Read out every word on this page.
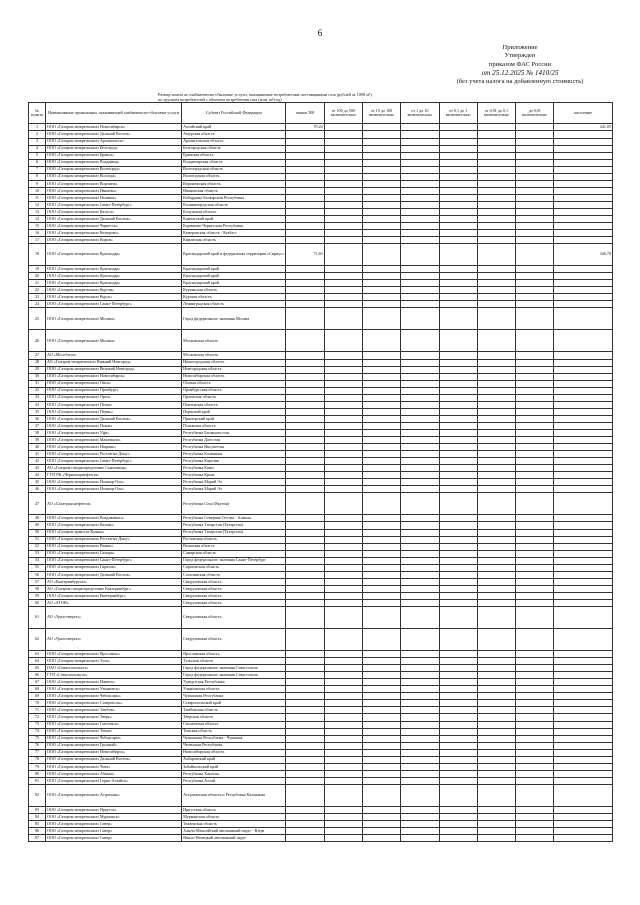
6
Приложение
Утвержден
приказом ФАС России
от 25.12.2025 № 1410/25
(без учета налога на добавленную стоимость)
Размер платы за снабженческо-сбытовые услуги, оказываемые потребителям поставщиками газа (рублей за 1000 м³)
по группам потребителей с объемом потребления газа (млн. м³/год)
№ пункта	Наименование организации, оказывающей снабженческо-сбытовые услуги	Субъект Российской Федерации	свыше 500	от 100 до 500 включительно	от 10 до 100 включительно	от 1 до 10 включительно	от 0,1 до 1 включительно	от 0,01 до 0,1 включительно	до 0,01 включительно	население
1	ООО «Газпром межрегионгаз Новосибирск»	Алтайский край	70,24							441,05
2	ООО «Газпром межрегионгаз Дальний Восток»	Амурская область								
3	ООО «Газпром межрегионгаз Архангельск»	Архангельская область								
4	ООО «Газпром межрегионгаз Белгород»	Белгородская область								
5	ООО «Газпром межрегионгаз Брянск»	Брянская область								
6	ООО «Газпром межрегионгаз Владимир»	Владимирская область								
7	ООО «Газпром межрегионгаз Волгоград»	Волгоградская область								
8	ООО «Газпром межрегионгаз Вологда»	Вологодская область								
9	ООО «Газпром межрегионгаз Воронеж»	Воронежская область								
10	ООО «Газпром межрегионгаз Иваново»	Ивановская область								
11	ООО «Газпром межрегионгаз Нальчик»	Кабардино-Балкарская Республика								
12	ООО «Газпром межрегионгаз Санкт-Петербург»	Калининградская область								
13	ООО «Газпром межрегионгаз Калуга»	Калужская область								
14	ООО «Газпром межрегионгаз Дальний Восток»	Камчатский край								
15	ООО «Газпром межрегионгаз Черкесск»	Карачаево-Черкесская Республика								
16	ООО «Газпром межрегионгаз Кемерово»	Кемеровская область - Кузбасс								
17	ООО «Газпром межрегионгаз Киров»	Кировская область								
18	ООО «Газпром межрегионгаз Краснодар»	Краснодарский край и федеральная территория «Сириус»	71,65							346,70
19	ООО «Газпром межрегионгаз Краснодар»	Краснодарский край								
20	ООО «Газпром межрегионгаз Краснодар»	Краснодарский край								
21	ООО «Газпром межрегионгаз Краснодар»	Краснодарский край								
22	ООО «Газпром межрегионгаз Курган»	Курганская область								
23	ООО «Газпром межрегионгаз Курск»	Курская область								
24	ООО «Газпром межрегионгаз Санкт-Петербург»	Ленинградская область								
25	ООО «Газпром межрегионгаз Москва»	Город федерального значения Москва								
26	ООО «Газпром межрегионгаз Москва»	Московская область								
27	АО «Мособлгаз»	Московская область								
28	АО «Газпром межрегионгаз Нижний Новгород»	Нижегородская область								
29	ООО «Газпром межрегионгаз Великий Новгород»	Новгородская область								
30	ООО «Газпром межрегионгаз Новосибирск»	Новосибирская область								
31	ООО «Газпром межрегионгаз Омск»	Омская область								
32	ООО «Газпром межрегионгаз Оренбург»	Оренбургская область								
33	ООО «Газпром межрегионгаз Орел»	Орловская область								
34	ООО «Газпром межрегионгаз Пенза»	Пензенская область								
35	ООО «Газпром межрегионгаз Пермь»	Пермский край								
36	ООО «Газпром межрегионгаз Дальний Восток»	Приморский край								
37	ООО «Газпром межрегионгаз Псков»	Псковская область								
38	ООО «Газпром межрегионгаз Уфа»	Республика Башкортостан								
39	ООО «Газпром межрегионгаз Махачкала»	Республика Дагестан								
40	ООО «Газпром межрегионгаз Назрань»	Республика Ингушетия								
41	ООО «Газпром межрегионгаз Ростов-на-Дону»	Республика Калмыкия								
42	ООО «Газпром межрегионгаз Санкт-Петербург»	Республика Карелия								
43	АО «Газпром газораспределение Сыктывкар»	Республика Коми								
44	ГУП РК «Черноморнефтегаз»	Республика Крым								
45	ООО «Газпром межрегионгаз Йошкар-Ола»	Республика Марий Эл								
46	ООО «Газпром межрегионгаз Йошкар-Ола»	Республика Марий Эл								
47	АО «Сахатранснефтегаз»	Республика Саха (Якутия)								
48	ООО «Газпром межрегионгаз Владикавказ»	Республика Северная Осетия - Алания								
49	ООО «Газпром межрегионгаз Казань»	Республика Татарстан (Татарстан)								
50	ООО «Газпром трансгаз Казань»	Республика Татарстан (Татарстан)								
51	ООО «Газпром межрегионгаз Ростов-на-Дону»	Ростовская область								
52	ООО «Газпром межрегионгаз Рязань»	Рязанская область								
53	ООО «Газпром межрегионгаз Самара»	Самарская область								
54	ООО «Газпром межрегионгаз Санкт-Петербург»	Город федерального значения Санкт-Петербург								
55	ООО «Газпром межрегионгаз Саратов»	Саратовская область								
56	ООО «Газпром межрегионгаз Дальний Восток»	Сахалинская область								
57	АО «Екатеринбурггаз»	Свердловская область								
58	АО «Газпром газораспределение Екатеринбург»	Свердловская область								
59	ООО «Газпром межрегионгаз Екатеринбург»	Свердловская область								
60	АО «АТОН»	Свердловская область								
61	АО «Уралсевергаз»	Свердловская область								
62	АО «Уралсевергаз»	Свердловская область								
63	ООО «Газпром межрегионгаз Ярославль»	Ярославская область								
64	ООО «Газпром межрегионгаз Тула»	Тульская область								
65	ПАО «Севастопольгаз»	Город федерального значения Севастополь								
66	ГУП «Севастопольгаз»	Город федерального значения Севастополь								
67	ООО «Газпром межрегионгаз Ижевск»	Удмуртская Республика								
68	ООО «Газпром межрегионгаз Ульяновск»	Ульяновская область								
69	ООО «Газпром межрегионгаз Чебоксары»	Чувашская Республика								
70	ООО «Газпром межрегионгаз Ставрополь»	Ставропольский край								
71	ООО «Газпром межрегионгаз Тамбов»	Тамбовская область								
72	ООО «Газпром межрегионгаз Тверь»	Тверская область								
73	ООО «Газпром межрегионгаз Смоленск»	Смоленская область								
74	ООО «Газпром межрегионгаз Томск»	Томская область								
75	ООО «Газпром межрегионгаз Чебоксары»	Чувашская Республика - Чувашия								
76	ООО «Газпром межрегионгаз Грозный»	Чеченская Республика								
77	ООО «Газпром межрегионгаз Новосибирск»	Новосибирская область								
78	ООО «Газпром межрегионгаз Дальний Восток»	Хабаровский край								
79	ООО «Газпром межрегионгаз Чита»	Забайкальский край								
80	ООО «Газпром межрегионгаз Абакан»	Республика Хакасия								
81	ООО «Газпром межрегионгаз Горно-Алтайск»	Республика Алтай								
82	ООО «Газпром межрегионгаз Астрахань»	Астраханская область и Республика Калмыкия								
83	ООО «Газпром межрегионгаз Иркутск»	Иркутская область								
84	ООО «Газпром межрегионгаз Мурманск»	Мурманская область								
85	ООО «Газпром межрегионгаз Север»	Тюменская область								
86	ООО «Газпром межрегионгаз Север»	Ханты-Мансийский автономный округ - Югра								
87	ООО «Газпром межрегионгаз Север»	Ямало-Ненецкий автономный округ								
